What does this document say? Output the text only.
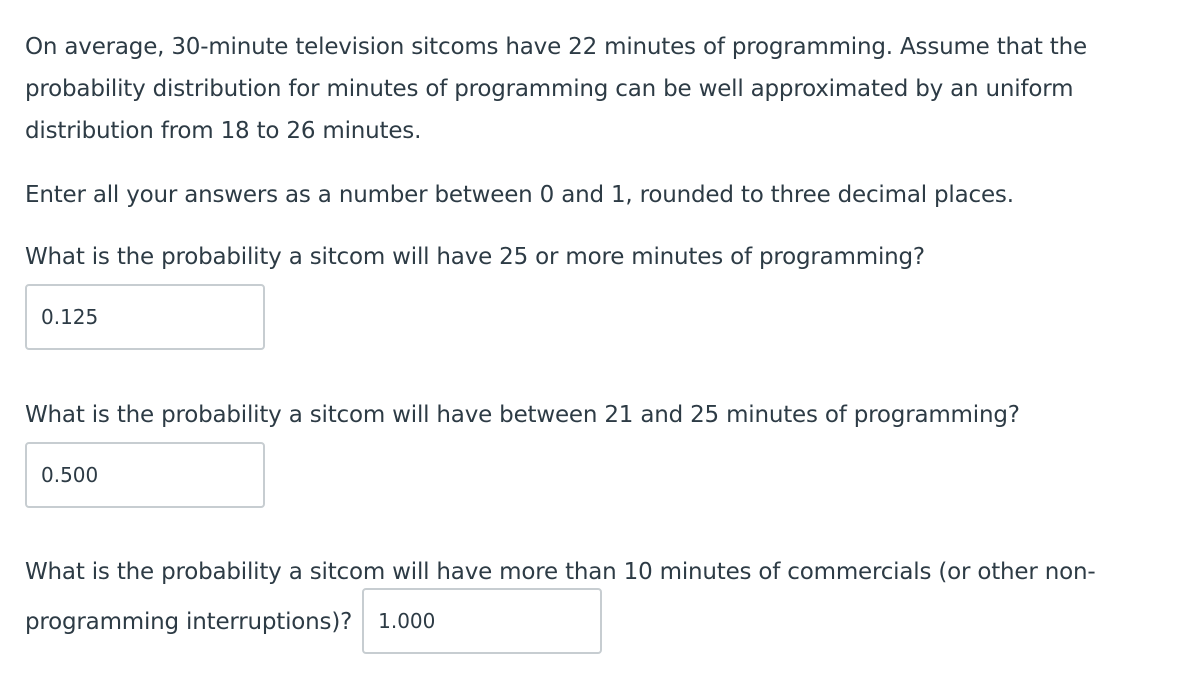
On average, 30-minute television sitcoms have 22 minutes of programming. Assume that the probability distribution for minutes of programming can be well approximated by an uniform distribution from 18 to 26 minutes.

Enter all your answers as a number between 0 and 1, rounded to three decimal places.

What is the probability a sitcom will have 25 or more minutes of programming?

0.125

What is the probability a sitcom will have between 21 and 25 minutes of programming?

0.500

What is the probability a sitcom will have more than 10 minutes of commercials (or other non-

programming interruptions)?
1.000
